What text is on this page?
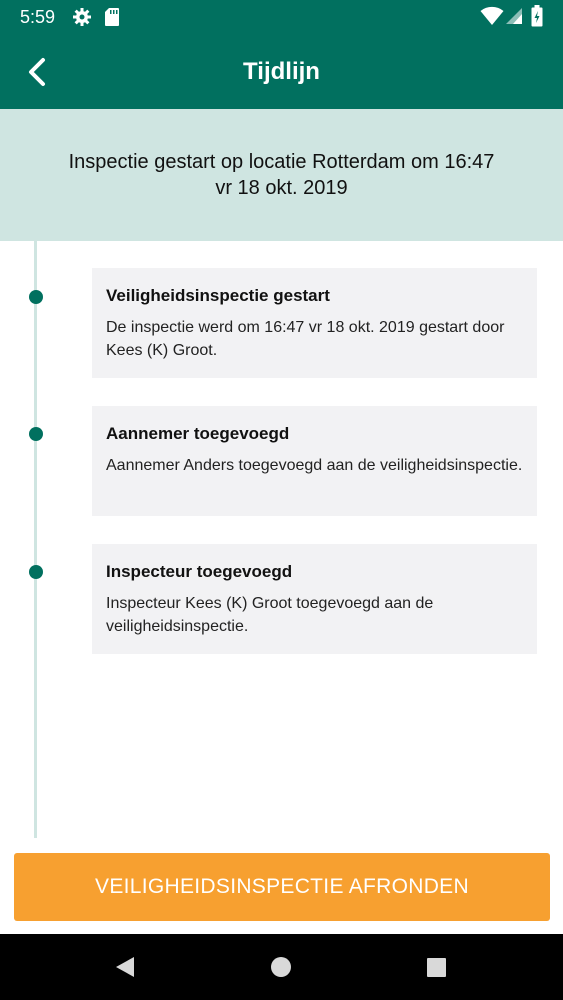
5:59
Tijdlijn
Inspectie gestart op locatie Rotterdam om 16:47 vr 18 okt. 2019
Veiligheidsinspectie gestart
De inspectie werd om 16:47 vr 18 okt. 2019 gestart door Kees (K) Groot.
Aannemer toegevoegd
Aannemer Anders toegevoegd aan de veiligheidsinspectie.
Inspecteur toegevoegd
Inspecteur Kees (K) Groot toegevoegd aan de veiligheidsinspectie.
VEILIGHEIDSINSPECTIE AFRONDEN
